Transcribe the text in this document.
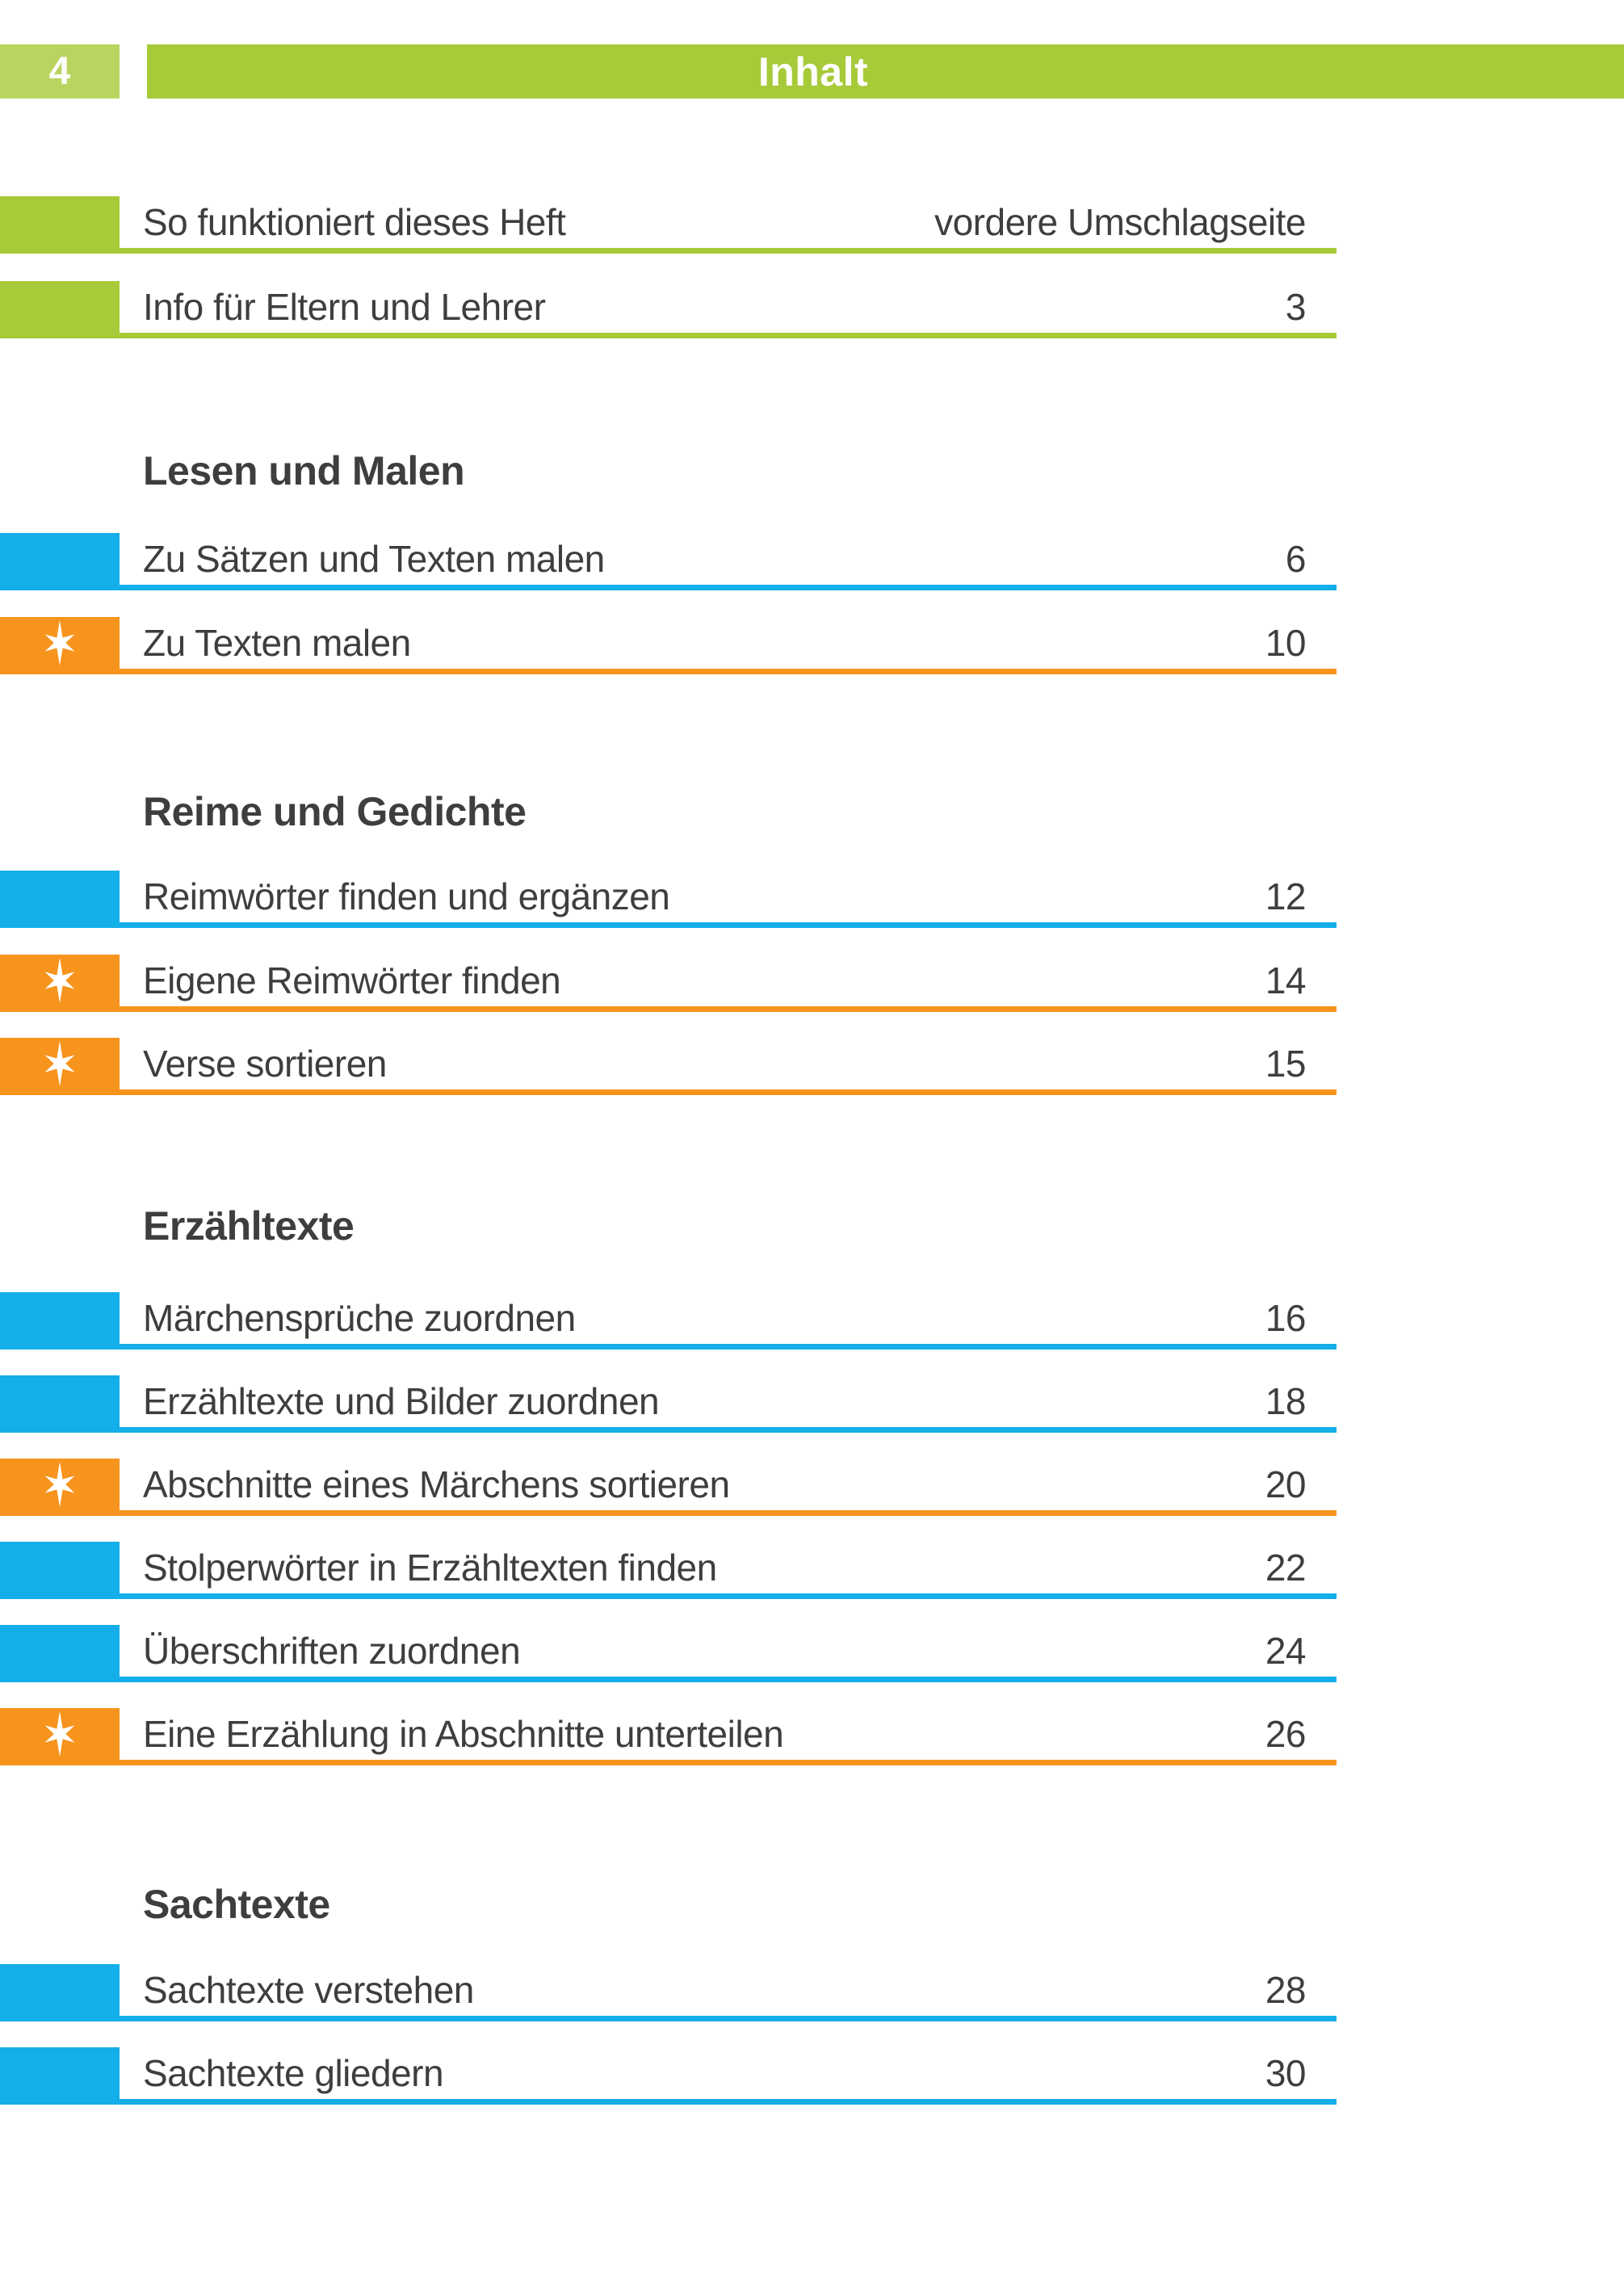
4	Inhalt
So funktioniert dieses Heft	vordere Umschlagseite
Info für Eltern und Lehrer	3
Lesen und Malen
Zu Sätzen und Texten malen	6
Zu Texten malen	10
Reime und Gedichte
Reimwörter finden und ergänzen	12
Eigene Reimwörter finden	14
Verse sortieren	15
Erzähltexte
Märchensprüche zuordnen	16
Erzähltexte und Bilder zuordnen	18
Abschnitte eines Märchens sortieren	20
Stolperwörter in Erzähltexten finden	22
Überschriften zuordnen	24
Eine Erzählung in Abschnitte unterteilen	26
Sachtexte
Sachtexte verstehen	28
Sachtexte gliedern	30
